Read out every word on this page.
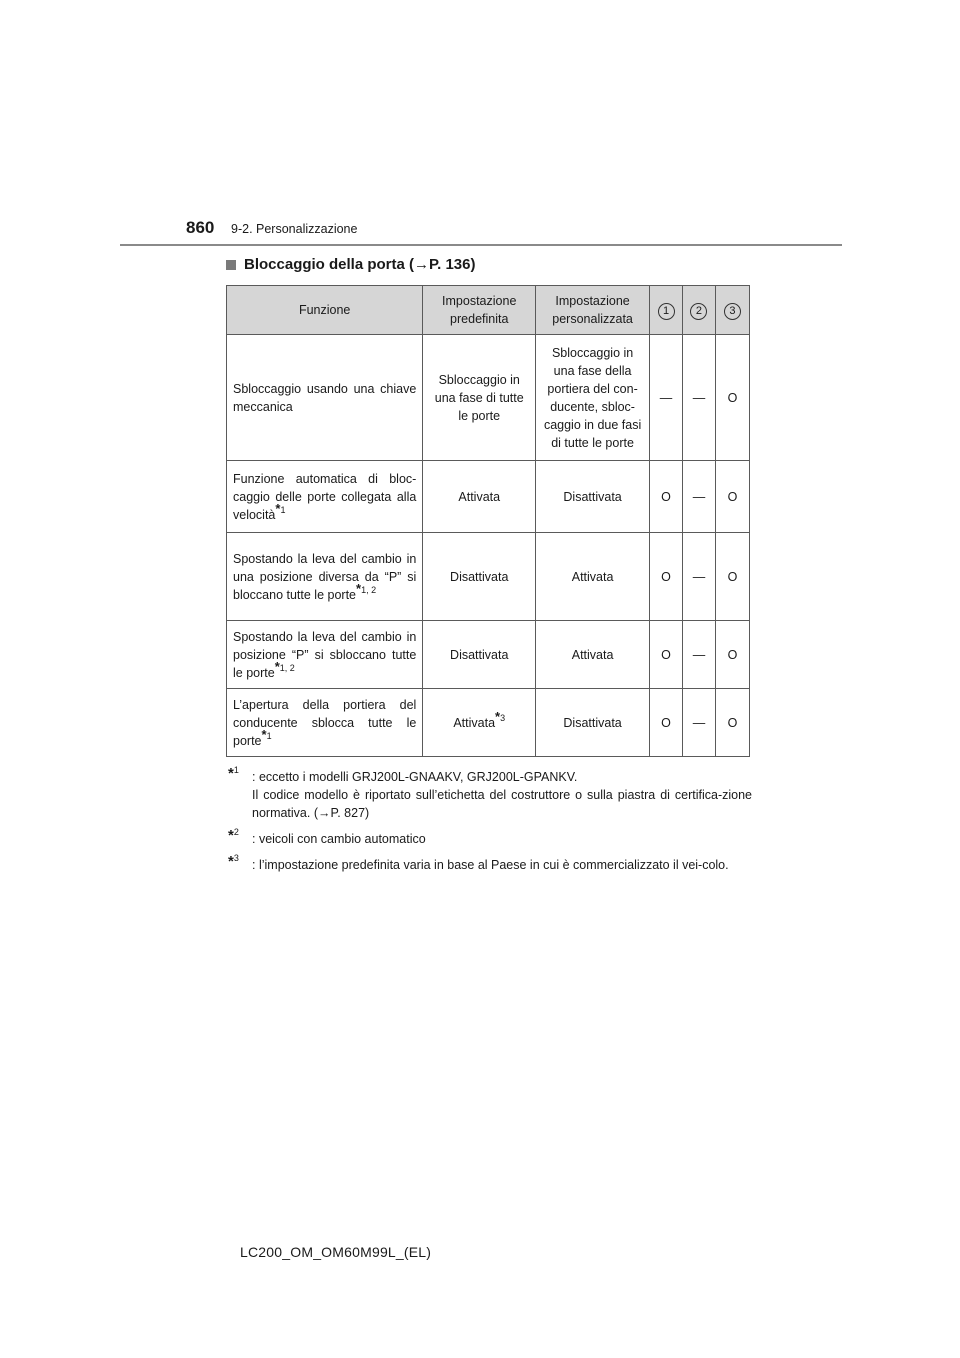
860 9-2. Personalizzazione
Bloccaggio della porta ( → P. 136 )
Funzione	Impostazione predefinita	Impostazione personalizzata	1	2	3
Sbloccaggio usando una chiave meccanica	Sbloccaggio in una fase di tutte le porte	Sbloccaggio in una fase della portiera del con-ducente, sbloc-caggio in due fasi di tutte le porte	—	—	O
Funzione automatica di bloc-caggio delle porte collegata alla velocità$^{*1}$	Attivata	Disattivata	O	—	O
Spostando la leva del cambio in una posizione diversa da “P” si bloccano tutte le porte$^{*1, 2}$	Disattivata	Attivata	O	—	O
Spostando la leva del cambio in posizione “P” si sbloccano tutte le porte$^{*1, 2}$	Disattivata	Attivata	O	—	O
L’apertura della portiera del conducente sblocca tutte le porte$^{*1}$	Attivata$^{*3}$	Disattivata	O	—	O
*$^1$
: eccetto i modelli GRJ200L-GNAAKV, GRJ200L-GPANKV.
Il codice modello è riportato sull’etichetta del costruttore o sulla piastra di certifica-zione normativa. (→P. 827)
*$^2$
: veicoli con cambio automatico
*$^3$
: l’impostazione predefinita varia in base al Paese in cui è commercializzato il vei-colo.
LC200_OM_OM60M99L_(EL)
